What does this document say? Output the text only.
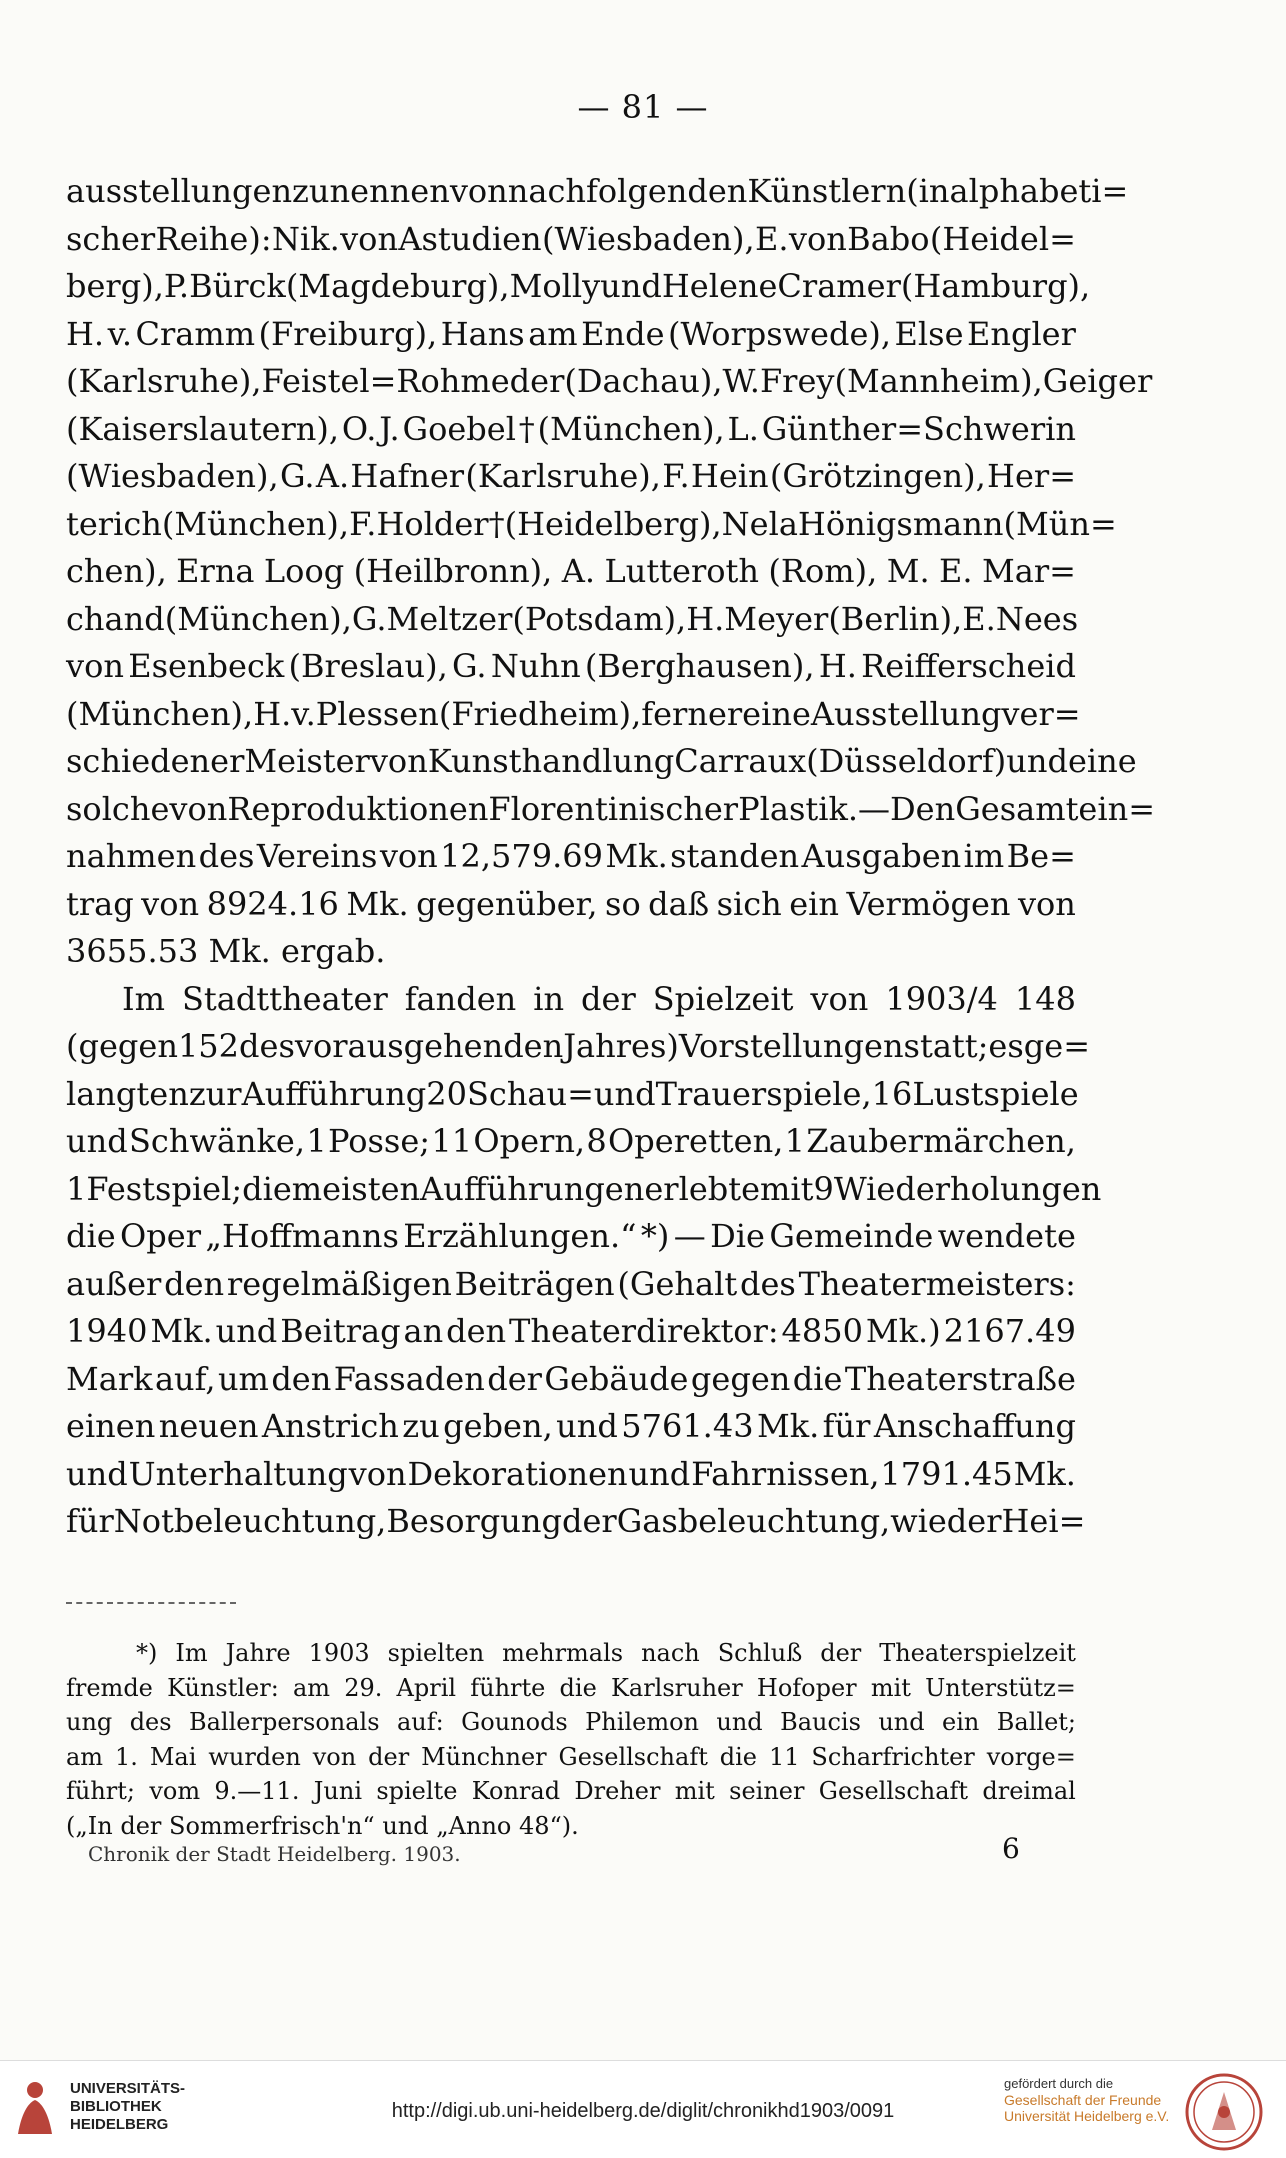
— 81 —
ausstellungen zu nennen von nachfolgenden Künstlern (in alphabeti=
scher Reihe): Nik. von Astudien (Wiesbaden), E. von Babo (Heidel=
berg), P. Bürck (Magdeburg), Molly und Helene Cramer (Hamburg),
H. v. Cramm (Freiburg), Hans am Ende (Worpswede), Else Engler
(Karlsruhe), Feistel=Rohmeder (Dachau), W. Frey (Mannheim), Geiger
(Kaiserslautern), O. J. Goebel † (München), L. Günther=Schwerin
(Wiesbaden), G. A. Hafner (Karlsruhe), F. Hein (Grötzingen), Her=
terich (München), F. Holder † (Heidelberg), Nela Hönigsmann (Mün=
chen), Erna Loog (Heilbronn), A. Lutteroth (Rom), M. E. Mar=
chand (München), G. Meltzer (Potsdam), H. Meyer (Berlin), E. Nees
von Esenbeck (Breslau), G. Nuhn (Berghausen), H. Reifferscheid
(München), H. v. Plessen (Friedheim), ferner eine Ausstellung ver=
schiedener Meister von Kunsthandlung Carraux (Düsseldorf) und eine
solche von Reproduktionen Florentinischer Plastik. — Den Gesamtein=
nahmen des Vereins von 12,579.69 Mk. standen Ausgaben im Be=
trag von 8924.16 Mk. gegenüber, so daß sich ein Vermögen von
3655.53 Mk. ergab.
Im Stadttheater fanden in der Spielzeit von 1903/4 148
(gegen 152 des vorausgehenden Jahres) Vorstellungen statt; es ge=
langten zur Aufführung 20 Schau= und Trauerspiele, 16 Lustspiele
und Schwänke, 1 Posse; 11 Opern, 8 Operetten, 1 Zaubermärchen,
1 Festspiel; die meisten Aufführungen erlebte mit 9 Wiederholungen
die Oper „Hoffmanns Erzählungen.“ *) — Die Gemeinde wendete
außer den regelmäßigen Beiträgen (Gehalt des Theatermeisters:
1940 Mk. und Beitrag an den Theaterdirektor: 4850 Mk.) 2167.49
Mark auf, um den Fassaden der Gebäude gegen die Theaterstraße
einen neuen Anstrich zu geben, und 5761.43 Mk. für Anschaffung
und Unterhaltung von Dekorationen und Fahrnissen, 1791.45 Mk.
für Notbeleuchtung, Besorgung der Gasbeleuchtung, wie der Hei=
*) Im Jahre 1903 spielten mehrmals nach Schluß der Theaterspielzeit
fremde Künstler: am 29. April führte die Karlsruher Hofoper mit Unterstütz=
ung des Ballerpersonals auf: Gounods Philemon und Baucis und ein Ballet;
am 1. Mai wurden von der Münchner Gesellschaft die 11 Scharfrichter vorge=
führt; vom 9.—11. Juni spielte Konrad Dreher mit seiner Gesellschaft dreimal
(„In der Sommerfrisch'n“ und „Anno 48“).
Chronik der Stadt Heidelberg. 1903.	6
UNIVERSITÄTS-
BIBLIOTHEK
HEIDELBERG
http://digi.ub.uni-heidelberg.de/diglit/chronikhd1903/0091
gefördert durch die
Gesellschaft der Freunde
Universität Heidelberg e.V.
